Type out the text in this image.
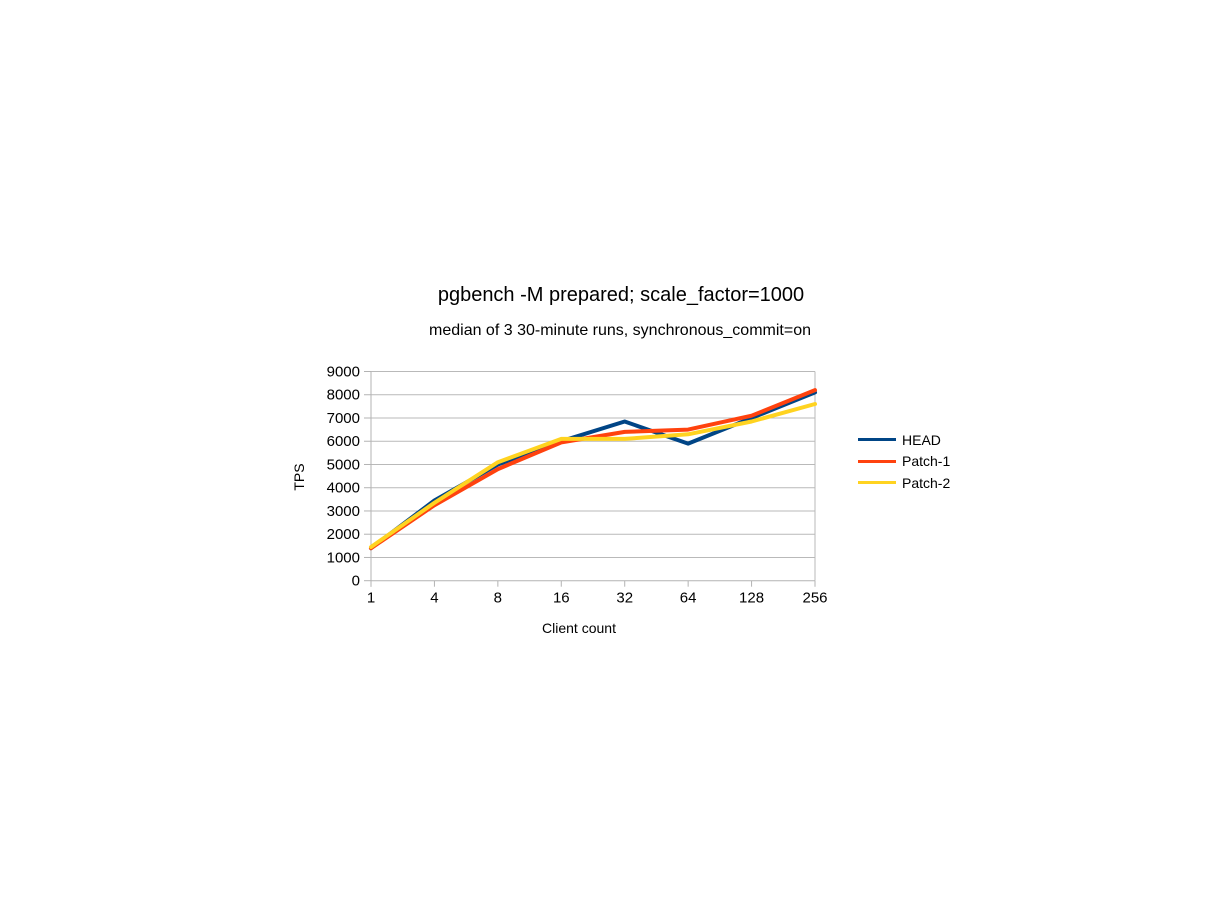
pgbench -M prepared; scale_factor=1000
median of 3 30-minute runs, synchronous_commit=on
TPS
Client count
0
1000
2000
3000
4000
5000
6000
7000
8000
9000
1	4	8	16	32	64	128	256
HEAD
Patch-1
Patch-2
